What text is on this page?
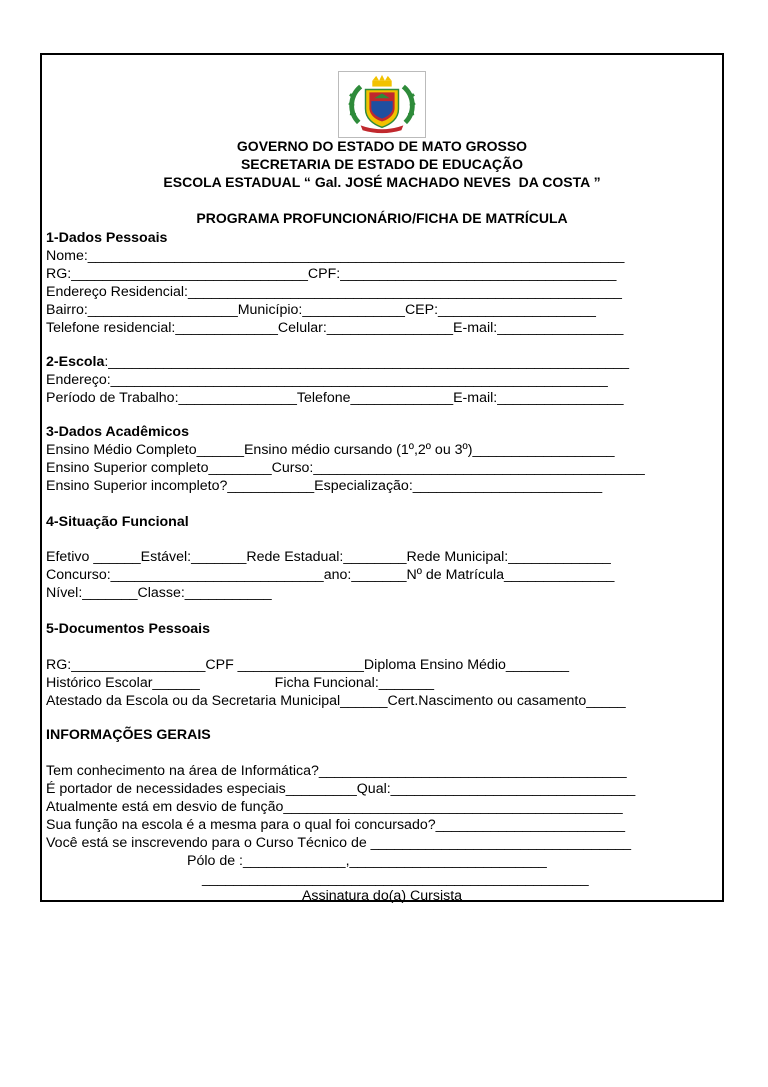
GOVERNO DO ESTADO DE MATO GROSSO
SECRETARIA DE ESTADO DE EDUCAÇÃO
ESCOLA ESTADUAL “ Gal. JOSÉ MACHADO NEVES  DA COSTA ”
PROGRAMA PROFUNCIONÁRIO/FICHA DE MATRÍCULA
1-Dados Pessoais
Nome:____________________________________________________________________
RG:______________________________CPF:___________________________________
Endereço Residencial:_______________________________________________________
Bairro:___________________Município:_____________CEP:____________________
Telefone residencial:_____________Celular:________________E-mail:________________
2-Escola:__________________________________________________________________
Endereço:_______________________________________________________________
Período de Trabalho:_______________Telefone_____________E-mail:________________
3-Dados Acadêmicos
Ensino Médio Completo______Ensino médio cursando (1º,2º ou 3º)__________________
Ensino Superior completo________Curso:__________________________________________
Ensino Superior incompleto?___________Especialização:________________________
4-Situação Funcional
Efetivo ______Estável:_______Rede Estadual:________Rede Municipal:_____________
Concurso:___________________________ano:_______Nº de Matrícula______________
Nível:_______Classe:___________
5-Documentos Pessoais
RG:_________________CPF ________________Diploma Ensino Médio________
Histórico Escolar______                   Ficha Funcional:_______
Atestado da Escola ou da Secretaria Municipal______Cert.Nascimento ou casamento_____
INFORMAÇÕES GERAIS
Tem conhecimento na área de Informática?_______________________________________
É portador de necessidades especiais_________Qual:_______________________________
Atualmente está em desvio de função___________________________________________
Sua função na escola é a mesma para o qual foi concursado?________________________
Você está se inscrevendo para o Curso Técnico de _________________________________
Pólo de :_____________,_________________________
_________________________________________________
Assinatura do(a) Cursista
